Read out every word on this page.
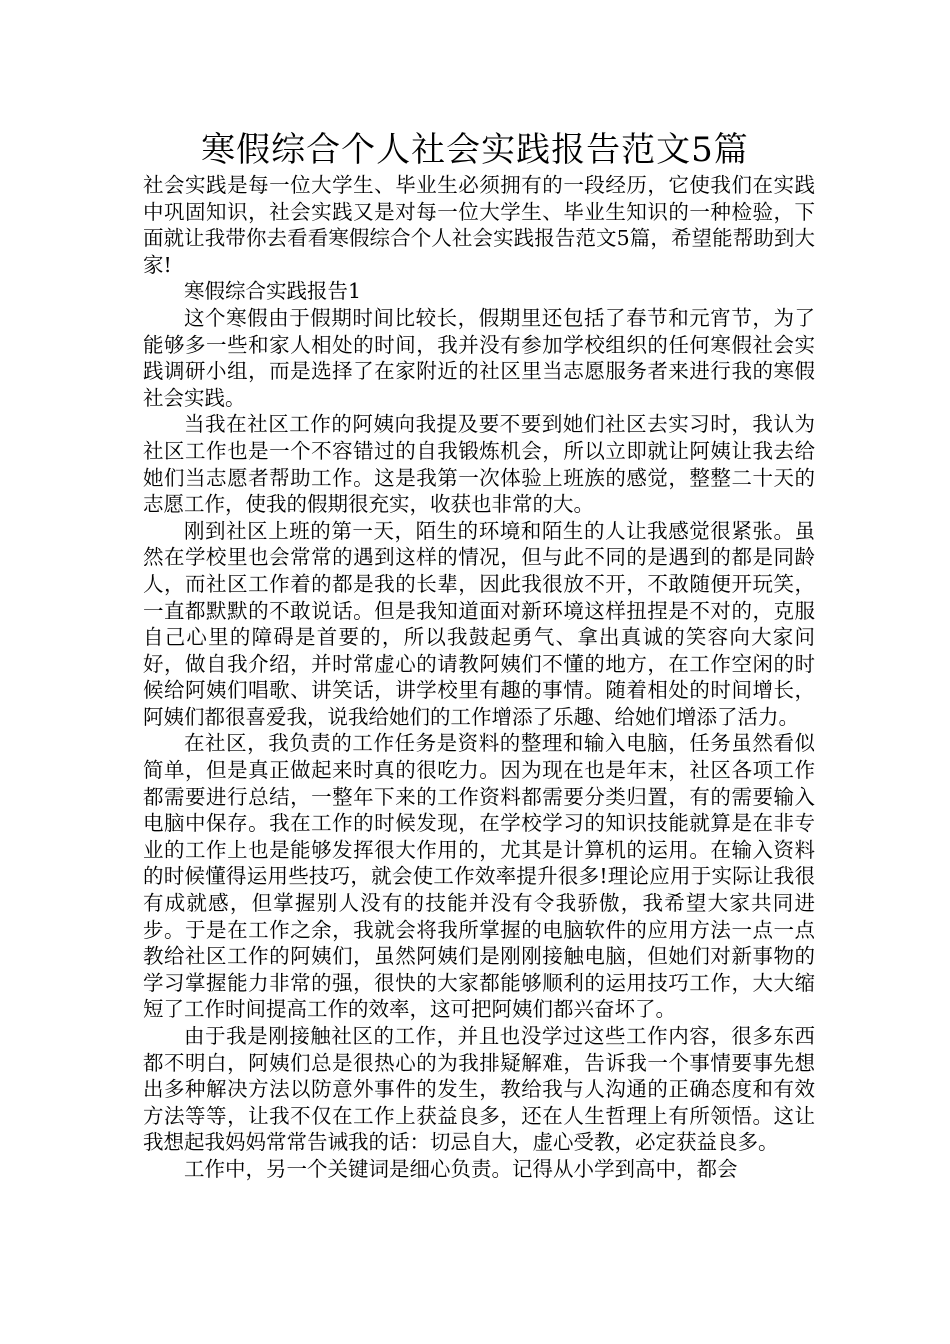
寒假综合个人社会实践报告范文5篇

社会实践是每一位大学生、毕业生必须拥有的一段经历，它使我们在实践中巩固知识，社会实践又是对每一位大学生、毕业生知识的一种检验，下面就让我带你去看看寒假综合个人社会实践报告范文5篇，希望能帮助到大家!

寒假综合实践报告1

这个寒假由于假期时间比较长，假期里还包括了春节和元宵节，为了能够多一些和家人相处的时间，我并没有参加学校组织的任何寒假社会实践调研小组，而是选择了在家附近的社区里当志愿服务者来进行我的寒假社会实践。

当我在社区工作的阿姨向我提及要不要到她们社区去实习时，我认为社区工作也是一个不容错过的自我锻炼机会，所以立即就让阿姨让我去给她们当志愿者帮助工作。这是我第一次体验上班族的感觉，整整二十天的志愿工作，使我的假期很充实，收获也非常的大。

刚到社区上班的第一天，陌生的环境和陌生的人让我感觉很紧张。虽然在学校里也会常常的遇到这样的情况，但与此不同的是遇到的都是同龄人，而社区工作着的都是我的长辈，因此我很放不开，不敢随便开玩笑，一直都默默的不敢说话。但是我知道面对新环境这样扭捏是不对的，克服自己心里的障碍是首要的，所以我鼓起勇气、拿出真诚的笑容向大家问好，做自我介绍，并时常虚心的请教阿姨们不懂的地方，在工作空闲的时候给阿姨们唱歌、讲笑话，讲学校里有趣的事情。随着相处的时间增长，阿姨们都很喜爱我，说我给她们的工作增添了乐趣、给她们增添了活力。

在社区，我负责的工作任务是资料的整理和输入电脑，任务虽然看似简单，但是真正做起来时真的很吃力。因为现在也是年末，社区各项工作都需要进行总结，一整年下来的工作资料都需要分类归置，有的需要输入电脑中保存。我在工作的时候发现，在学校学习的知识技能就算是在非专业的工作上也是能够发挥很大作用的，尤其是计算机的运用。在输入资料的时候懂得运用些技巧，就会使工作效率提升很多!理论应用于实际让我很有成就感，但掌握别人没有的技能并没有令我骄傲，我希望大家共同进步。于是在工作之余，我就会将我所掌握的电脑软件的应用方法一点一点教给社区工作的阿姨们，虽然阿姨们是刚刚接触电脑，但她们对新事物的学习掌握能力非常的强，很快的大家都能够顺利的运用技巧工作，大大缩短了工作时间提高工作的效率，这可把阿姨们都兴奋坏了。

由于我是刚接触社区的工作，并且也没学过这些工作内容，很多东西都不明白，阿姨们总是很热心的为我排疑解难，告诉我一个事情要事先想出多种解决方法以防意外事件的发生，教给我与人沟通的正确态度和有效方法等等，让我不仅在工作上获益良多，还在人生哲理上有所领悟。这让我想起我妈妈常常告诫我的话：切忌自大，虚心受教，必定获益良多。

工作中，另一个关键词是细心负责。记得从小学到高中，都会
